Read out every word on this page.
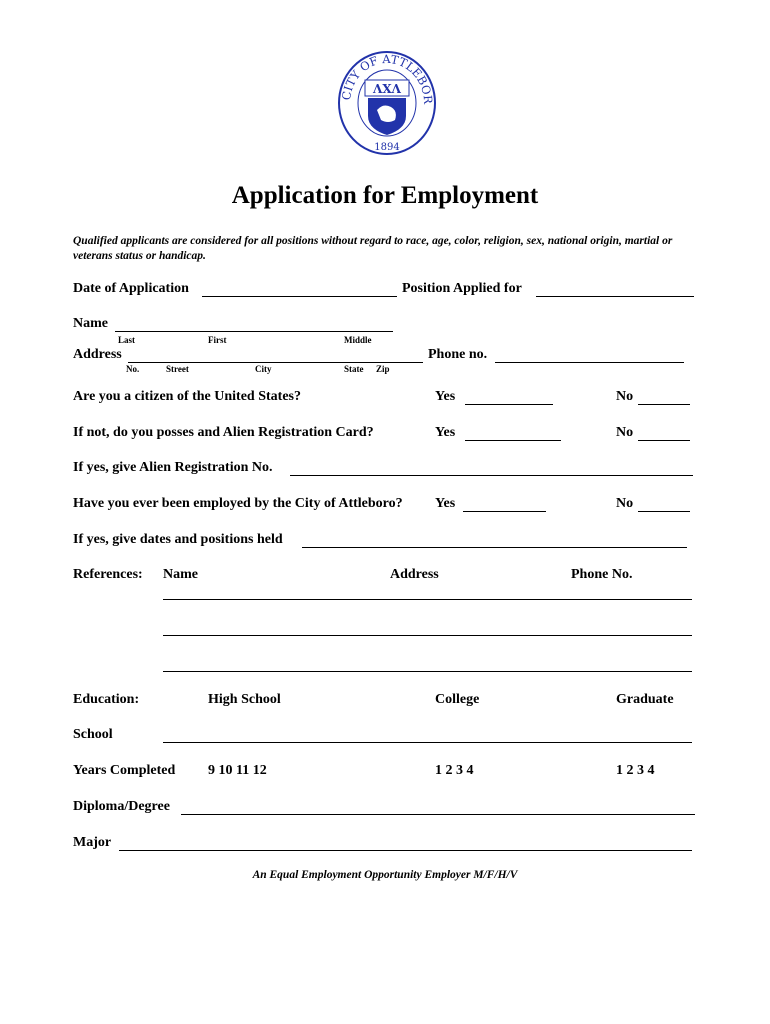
CITY OF ATTLEBOR
ΛXΛ
1894
Application for Employment
Qualified applicants are considered for all positions without regard to race, age, color, religion, sex, national origin, martial or veterans status or handicap.
Date of Application	Position Applied for
Name
Last	First	Middle
Address
No.	Street	City	State Zip
Phone no.
Are you a citizen of the United States?	Yes	No
If not, do you posses and Alien Registration Card?	Yes	No
If yes, give Alien Registration No.
Have you ever been employed by the City of Attleboro? Yes	No
If yes, give dates and positions held
References: Name	Address	Phone No.
Education:	High School	College	Graduate
School
Years Completed 9 10 11 12	1 2 3 4	1 2 3 4
Diploma/Degree
Major
An Equal Employment Opportunity Employer M/F/H/V
